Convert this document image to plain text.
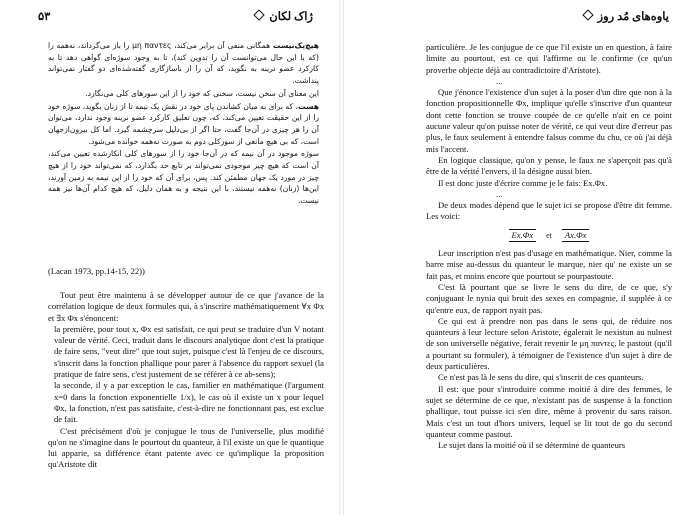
۵۳	ژاک لکان

هیچ‌یک‌نیست همگانی منفی آن برابر می‌کند، μη παντες را باز می‌گرداند، نه‌همه را (که با این حال می‌توانست آن را تدوین کند)، تا به وجود سوژه‌ای گواهی دهد تا به کارکرد عضو نرینه به نگوید، که آن را از ناسازگاری گفته‌شده‌ای دو گفتار نمی‌تواند پنداشت.

این معنای آن سخن نیست، سخنی که خود را از این سورهای کلی می‌نگارد.

هست، که برای به میان کشاندن پای خود در نقش یک نیمه تا از زنان بگوید، سوژه خود را از این حقیقت تعیین می‌کند، که، چون تعلیق کارکرد عضو نرینه وجود ندارد، می‌توان آن را هر چیزی در آن‌جا گفت، حتا اگر از بی‌دلیل سرچشمه گیرد. اما کل بیرون‌از‌جهان است، که بی هیچ مانعی از سورکلی دوم به صورت نه‌همه خوانده می‌شود.

سوژه موجود در آن نیمه که در آن‌جا خود را از سورهای کلی انکارشده تعیین می‌کند، آن است که هیچ چیز موجودی نمی‌تواند بر تابع حد بگذارد، که نمی‌تواند خود را از هیچ چیز در مورد یک جهان مطمئن کند. پس، برای آن که خود را از این نیمه به زمین آورند، این‌ها (زنان) نه‌همه نیستند، با این نتیجه و به همان دلیل، که هیچ کدام آن‌ها نیز همه نیست.

(Lacan 1973, pp.14-15, 22))

Tout peut être maintenu à se développer autour de ce que j'avance de la corrélation logique de deux formules qui, à s'inscrire mathématiquement ∀x Φx et ∃x Φx s'énoncent:

la première, pour tout x, Φx est satisfait, ce qui peut se traduire d'un V notant valeur de vérité. Ceci, traduit dans le discours analytique dont c'est la pratique de faire sens, "veut dire" que tout sujet, puisque c'est là l'enjeu de ce discours, s'inscrit dans la fonction phallique pour parer à l'absence du rapport sexuel (la pratique de faire sens, c'est justement de se référer à ce ab-sens);

la seconde, il y a par exception le cas, familier en mathématique (l'argument x=0 dans la fonction exponentielle 1/x), le cas où il existe un x pour lequel Φx, la fonction, n'est pas satisfaite, c'est-à-dire ne fonctionnant pas, est exclue de fait.

C'est précisément d'où je conjugue le tous de l'universelle, plus modifié qu'on ne s'imagine dans le pourtout du quanteur, à l'il existe un que le quantique lui apparie, sa différence étant patente avec ce qu'implique la proposition qu'Aristote dit

یاوه‌های مُد روز

particulière. Je les conjugue de ce que l'il existe un en question, à faire limite au pourtout, est ce qui l'affirme ou le confirme (ce qu'un proverbe objecte déjà au contradictoire d'Aristote).

...

Que j'énonce l'existence d'un sujet à la poser d'un dire que non à la fonction propositionnelle Φx, implique qu'elle s'inscrive d'un quanteur dont cette fonction se trouve coupée de ce qu'elle n'ait en ce point aucune valeur qu'on puisse noter de vérité, ce qui veut dire d'erreur pas plus, le faux seulement à entendre falsus comme du chu, ce où j'ai déjà mis l'accent.

En logique classique, qu'on y pense, le faux ne s'aperçoit pas qu'à être de la vérité l'envers, il la désigne aussi bien.

Il est donc juste d'écrire comme je le fais: Ex.Φx.

...

De deux modes dépend que le sujet ici se propose d'être dit femme. Les voici:

Ex.Φx	et	Ax.Φx

Leur inscription n'est pas d'usage en mathématique. Nier, comme la barre mise au-dessus du quanteur le marque, nier qu' ne existe un se fait pas, et moins encore que pourtout se pourpastoute.

C'est là pourtant que se livre le sens du dire, de ce que, s'y conjuguant le nynia qui bruit des sexes en compagnie, il supplée à ce qu'entre eux, de rapport nyait pas.

Ce qui est à prendre non pas dans le sens qui, de réduire nos quanteurs à leur lecture selon Aristote, égalerait le nexistun au nulnest de son universelle négative, ferait revenir le μη παντες, le pastout (qu'il a pourtant su formuler), à témoigner de l'existence d'un sujet à dire de deux particulières.

Ce n'est pas là le sens du dire, qui s'inscrit de ces quanteurs.

Il est: que pour s'introduire comme moitié à dire des femmes, le sujet se détermine de ce que, n'existant pas de suspense à la fonction phallique, tout puisse ici s'en dire, même à provenir du sans raison. Mais c'est un tout d'hors univers, lequel se lit tout de go du second quanteur comme pastout.

Le sujet dans la moitié où il se détermine de quanteurs
